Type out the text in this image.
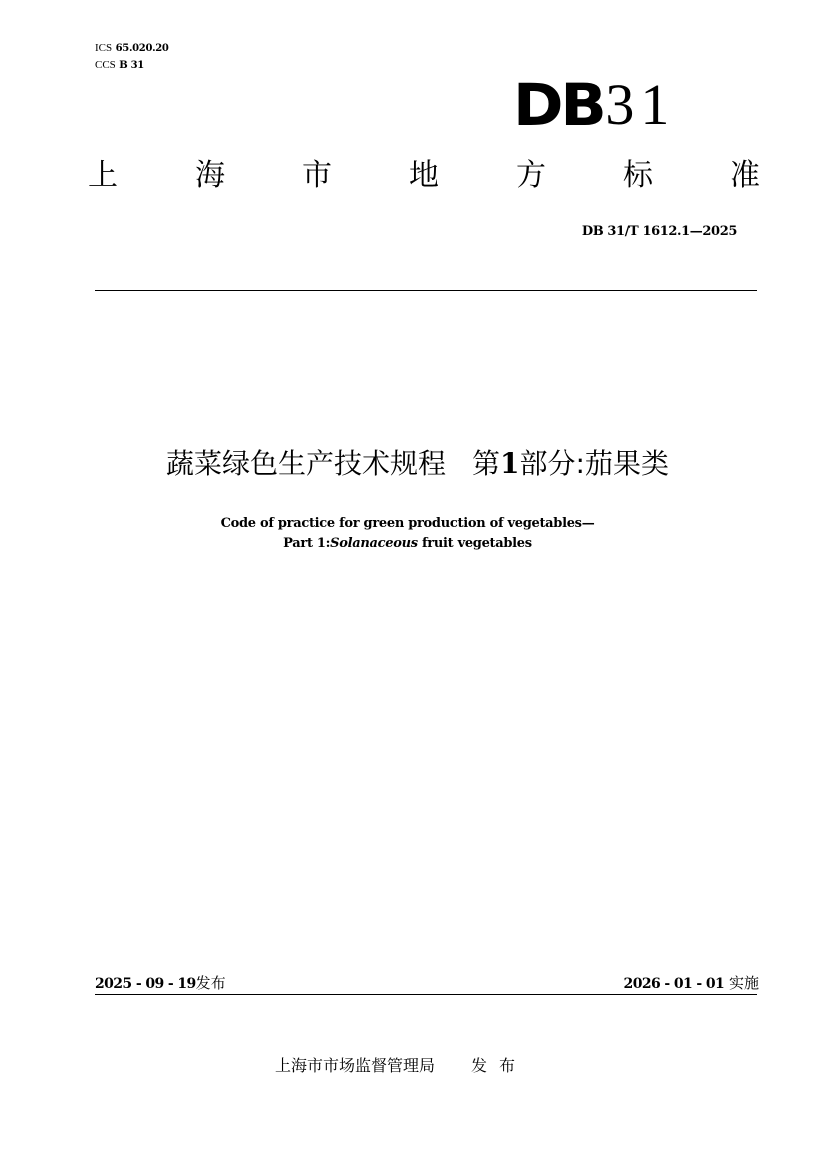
ICS 65.020.20
CCS B 31
DB 31
上	海	市	地	方	标	准
DB 31/T 1612.1—2025
蔬菜绿色生产技术规程 第1部分:茄果类
Code of practice for green production of vegetables—
Part 1:Solanaceous fruit vegetables
2025 - 09 - 19发布	2026 - 01 - 01 实施
上海市市场监督管理局 发布
